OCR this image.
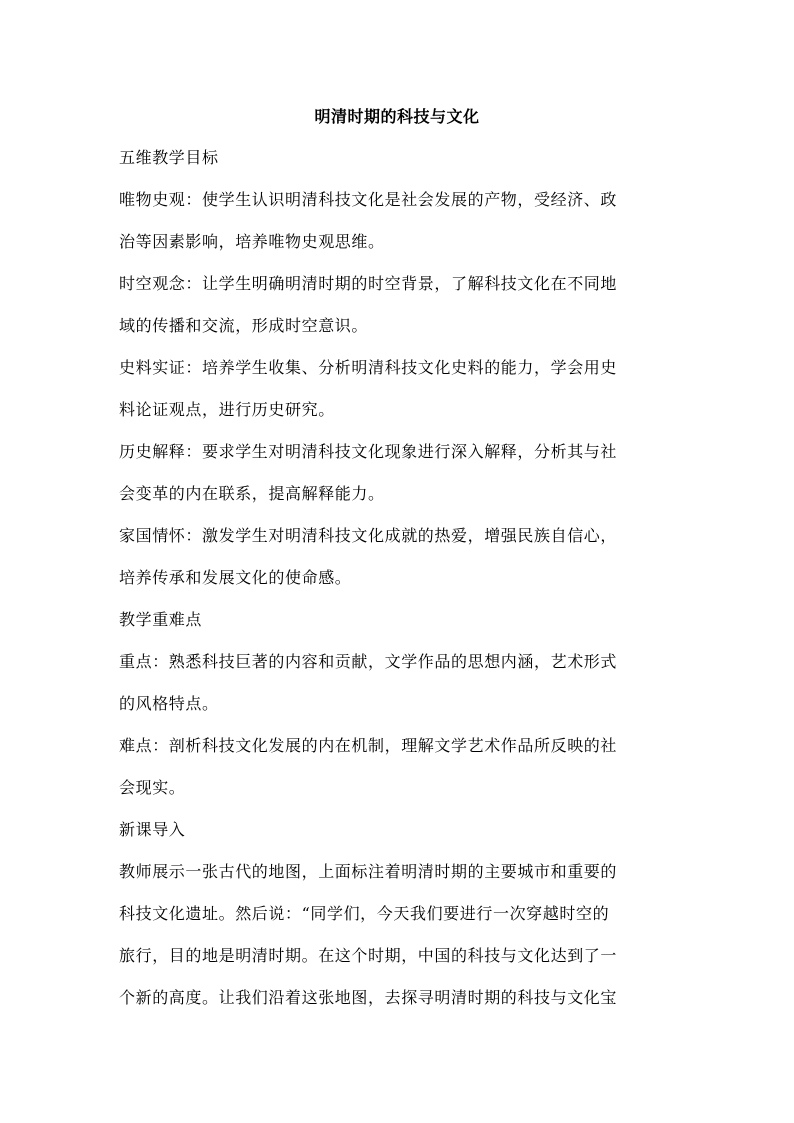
明清时期的科技与文化
五维教学目标
唯物史观：使学生认识明清科技文化是社会发展的产物，受经济、政
治等因素影响，培养唯物史观思维。
时空观念：让学生明确明清时期的时空背景，了解科技文化在不同地
域的传播和交流，形成时空意识。
史料实证：培养学生收集、分析明清科技文化史料的能力，学会用史
料论证观点，进行历史研究。
历史解释：要求学生对明清科技文化现象进行深入解释，分析其与社
会变革的内在联系，提高解释能力。
家国情怀：激发学生对明清科技文化成就的热爱，增强民族自信心，
培养传承和发展文化的使命感。
教学重难点
重点：熟悉科技巨著的内容和贡献，文学作品的思想内涵，艺术形式
的风格特点。
难点：剖析科技文化发展的内在机制，理解文学艺术作品所反映的社
会现实。
新课导入
教师展示一张古代的地图，上面标注着明清时期的主要城市和重要的
科技文化遗址。然后说：“同学们，今天我们要进行一次穿越时空的
旅行，目的地是明清时期。在这个时期，中国的科技与文化达到了一
个新的高度。让我们沿着这张地图，去探寻明清时期的科技与文化宝
